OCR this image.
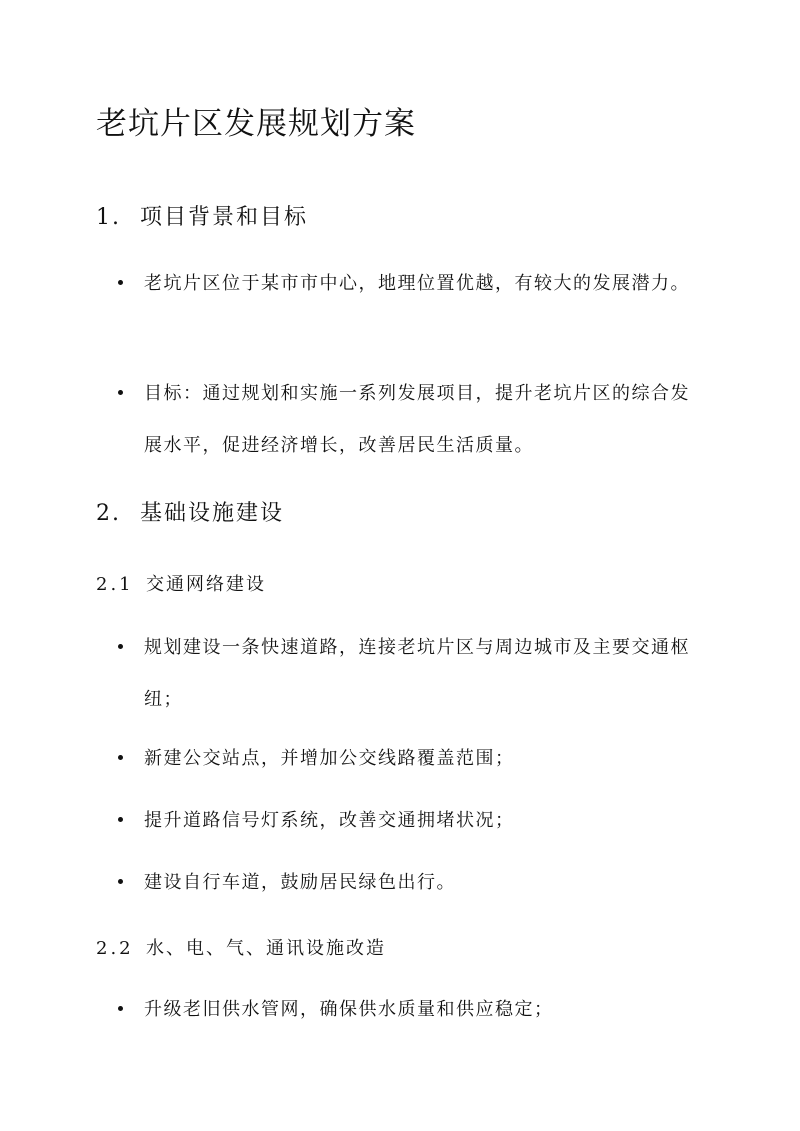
老坑片区发展规划方案
1. 项目背景和目标
老坑片区位于某市市中心，地理位置优越，有较大的发展潜力。
目标：通过规划和实施一系列发展项目，提升老坑片区的综合发展水平，促进经济增长，改善居民生活质量。
2. 基础设施建设
2.1 交通网络建设
规划建设一条快速道路，连接老坑片区与周边城市及主要交通枢纽；
新建公交站点，并增加公交线路覆盖范围；
提升道路信号灯系统，改善交通拥堵状况；
建设自行车道，鼓励居民绿色出行。
2.2 水、电、气、通讯设施改造
升级老旧供水管网，确保供水质量和供应稳定；
